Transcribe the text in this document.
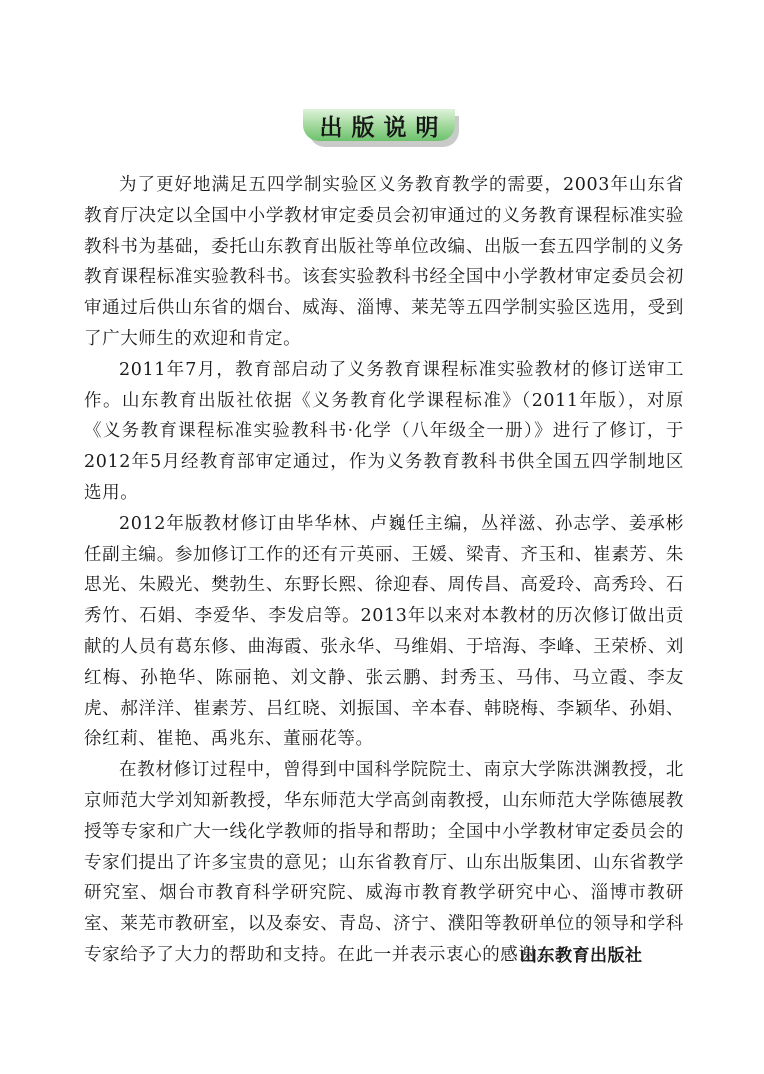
出版说明

为了更好地满足五四学制实验区义务教育教学的需要，2003年山东省教育厅决定以全国中小学教材审定委员会初审通过的义务教育课程标准实验教科书为基础，委托山东教育出版社等单位改编、出版一套五四学制的义务教育课程标准实验教科书。该套实验教科书经全国中小学教材审定委员会初审通过后供山东省的烟台、威海、淄博、莱芜等五四学制实验区选用，受到了广大师生的欢迎和肯定。

2011年7月，教育部启动了义务教育课程标准实验教材的修订送审工作。山东教育出版社依据《义务教育化学课程标准》（2011年版），对原《义务教育课程标准实验教科书·化学（八年级全一册）》进行了修订，于2012年5月经教育部审定通过，作为义务教育教科书供全国五四学制地区选用。

2012年版教材修订由毕华林、卢巍任主编，丛祥滋、孙志学、姜承彬任副主编。参加修订工作的还有亓英丽、王媛、梁青、齐玉和、崔素芳、朱思光、朱殿光、樊勃生、东野长熙、徐迎春、周传昌、高爱玲、高秀玲、石秀竹、石娟、李爱华、李发启等。2013年以来对本教材的历次修订做出贡献的人员有葛东修、曲海霞、张永华、马维娟、于培海、李峰、王荣桥、刘红梅、孙艳华、陈丽艳、刘文静、张云鹏、封秀玉、马伟、马立霞、李友虎、郝洋洋、崔素芳、吕红晓、刘振国、辛本春、韩晓梅、李颖华、孙娟、徐红莉、崔艳、禹兆东、董丽花等。

在教材修订过程中，曾得到中国科学院院士、南京大学陈洪渊教授，北京师范大学刘知新教授，华东师范大学高剑南教授，山东师范大学陈德展教授等专家和广大一线化学教师的指导和帮助；全国中小学教材审定委员会的专家们提出了许多宝贵的意见；山东省教育厅、山东出版集团、山东省教学研究室、烟台市教育科学研究院、威海市教育教学研究中心、淄博市教研室、莱芜市教研室，以及泰安、青岛、济宁、濮阳等教研单位的领导和学科专家给予了大力的帮助和支持。在此一并表示衷心的感谢。

山东教育出版社
